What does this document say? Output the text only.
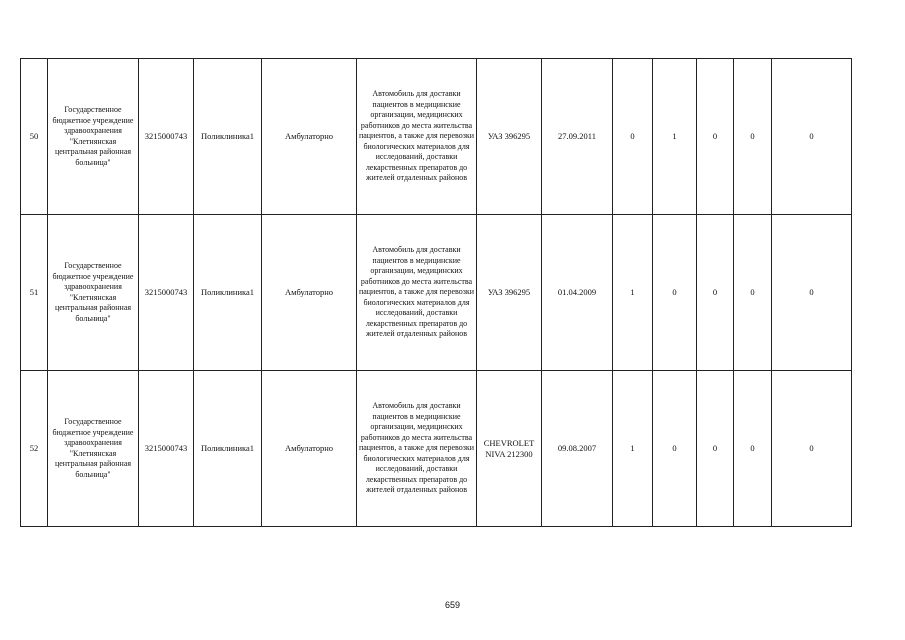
50	Государственное бюджетное учреждение здравоохранения "Клетнянская центральная районная больница"	3215000743	Поликлиника1	Амбулаторно	Автомобиль для доставки пациентов в медицинские организации, медицинских работников до места жительства пациентов, а также для перевозки биологических материалов для исследований, доставки лекарственных препаратов до жителей отдаленных районов	УАЗ 396295	27.09.2011	0	1	0	0	0
51	Государственное бюджетное учреждение здравоохранения "Клетнянская центральная районная больница"	3215000743	Поликлиника1	Амбулаторно	Автомобиль для доставки пациентов в медицинские организации, медицинских работников до места жительства пациентов, а также для перевозки биологических материалов для исследований, доставки лекарственных препаратов до жителей отдаленных районов	УАЗ 396295	01.04.2009	1	0	0	0	0
52	Государственное бюджетное учреждение здравоохранения "Клетнянская центральная районная больница"	3215000743	Поликлиника1	Амбулаторно	Автомобиль для доставки пациентов в медицинские организации, медицинских работников до места жительства пациентов, а также для перевозки биологических материалов для исследований, доставки лекарственных препаратов до жителей отдаленных районов	CHEVROLET NIVA 212300	09.08.2007	1	0	0	0	0
659
